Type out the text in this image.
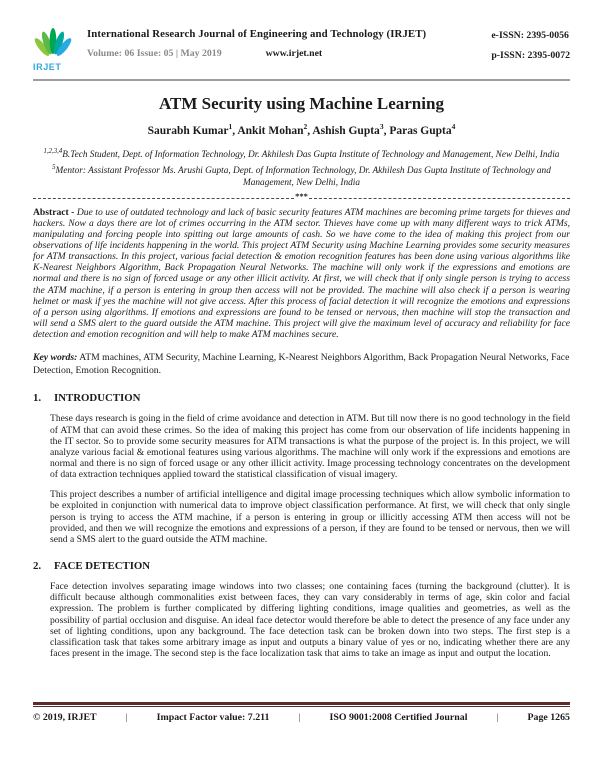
IRJET
International Research Journal of Engineering and Technology (IRJET)
Volume: 06 Issue: 05 | May 2019	www.irjet.net
e-ISSN: 2395-0056
p-ISSN: 2395-0072
ATM Security using Machine Learning
Saurabh Kumar$^1$, Ankit Mohan$^2$, Ashish Gupta$^3$, Paras Gupta$^4$
$^{1,2,3,4}$B.Tech Student, Dept. of Information Technology, Dr. Akhilesh Das Gupta Institute of Technology and Management, New Delhi, India $^5$Mentor: Assistant Professor Ms. Arushi Gupta, Dept. of Information Technology, Dr. Akhilesh Das Gupta Institute of Technology and Management, New Delhi, India
***

Abstract - Due to use of outdated technology and lack of basic security features ATM machines are becoming prime targets for thieves and hackers. Now a days there are lot of crimes occurring in the ATM sector. Thieves have come up with many different ways to trick ATMs, manipulating and forcing people into spitting out large amounts of cash. So we have come to the idea of making this project from our observations of life incidents happening in the world. This project ATM Security using Machine Learning provides some security measures for ATM transactions. In this project, various facial detection & emotion recognition features has been done using various algorithms like K-Nearest Neighbors Algorithm, Back Propagation Neural Networks. The machine will only work if the expressions and emotions are normal and there is no sign of forced usage or any other illicit activity. At first, we will check that if only single person is trying to access the ATM machine, if a person is entering in group then access will not be provided. The machine will also check if a person is wearing helmet or mask if yes the machine will not give access. After this process of facial detection it will recognize the emotions and expressions of a person using algorithms. If emotions and expressions are found to be tensed or nervous, then machine will stop the transaction and will send a SMS alert to the guard outside the ATM machine. This project will give the maximum level of accuracy and reliability for face detection and emotion recognition and will help to make ATM machines secure.

Key words: ATM machines, ATM Security, Machine Learning, K-Nearest Neighbors Algorithm, Back Propagation Neural Networks, Face Detection, Emotion Recognition.

1.	INTRODUCTION

These days research is going in the field of crime avoidance and detection in ATM. But till now there is no good technology in the field of ATM that can avoid these crimes. So the idea of making this project has come from our observation of life incidents happening in the IT sector. So to provide some security measures for ATM transactions is what the purpose of the project is. In this project, we will analyze various facial & emotional features using various algorithms. The machine will only work if the expressions and emotions are normal and there is no sign of forced usage or any other illicit activity. Image processing technology concentrates on the development of data extraction techniques applied toward the statistical classification of visual imagery.

This project describes a number of artificial intelligence and digital image processing techniques which allow symbolic information to be exploited in conjunction with numerical data to improve object classification performance. At first, we will check that only single person is trying to access the ATM machine, if a person is entering in group or illicitly accessing ATM then access will not be provided, and then we will recognize the emotions and expressions of a person, if they are found to be tensed or nervous, then we will send a SMS alert to the guard outside the ATM machine.

2.	FACE DETECTION

Face detection involves separating image windows into two classes; one containing faces (turning the background (clutter). It is difficult because although commonalities exist between faces, they can vary considerably in terms of age, skin color and facial expression. The problem is further complicated by differing lighting conditions, image qualities and geometries, as well as the possibility of partial occlusion and disguise. An ideal face detector would therefore be able to detect the presence of any face under any set of lighting conditions, upon any background. The face detection task can be broken down into two steps. The first step is a classification task that takes some arbitrary image as input and outputs a binary value of yes or no, indicating whether there are any faces present in the image. The second step is the face localization task that aims to take an image as input and output the location.

© 2019, IRJET	|	Impact Factor value: 7.211	|	ISO 9001:2008 Certified Journal	|	Page 1265
